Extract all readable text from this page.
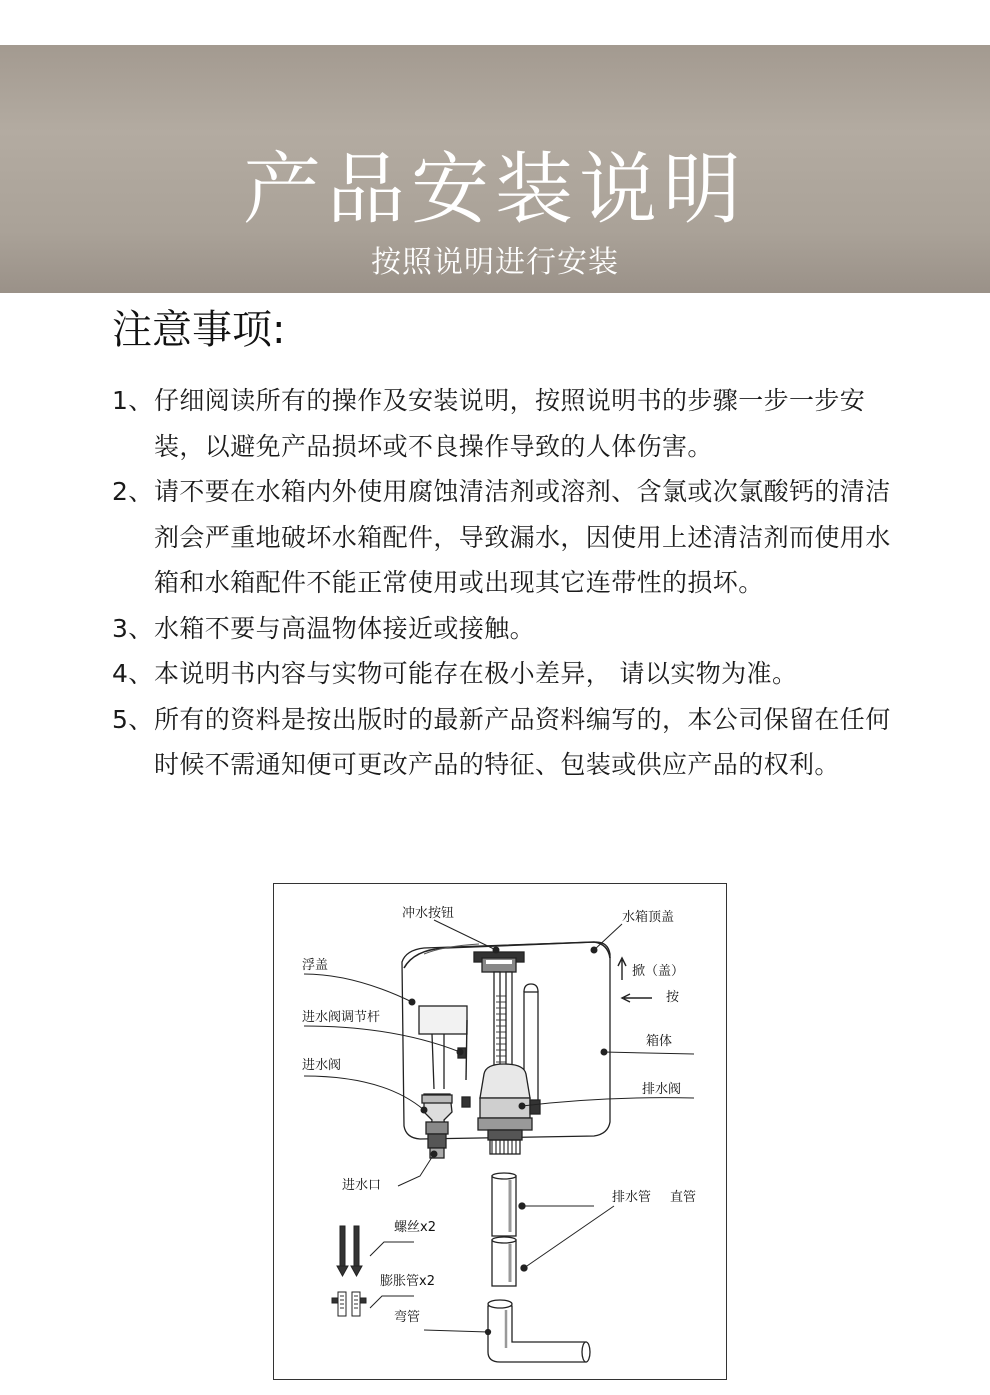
产品安装说明
按照说明进行安装
注意事项:
1、 仔细阅读所有的操作及安装说明，按照说明书的步骤一步一步安装，以避免产品损坏或不良操作导致的人体伤害。
2、 请不要在水箱内外使用腐蚀清洁剂或溶剂、含氯或次氯酸钙的清洁剂会严重地破坏水箱配件，导致漏水，因使用上述清洁剂而使用水箱和水箱配件不能正常使用或出现其它连带性的损坏。
3、 水箱不要与高温物体接近或接触。
4、 本说明书内容与实物可能存在极小差异， 请以实物为准。
5、 所有的资料是按出版时的最新产品资料编写的，本公司保留在任何时候不需通知便可更改产品的特征、包装或供应产品的权利。
冲水按钮	水箱顶盖
浮盖	掀（盖）
按
进水阀调节杆
箱体
进水阀
排水阀
进水口
排水管 直管
螺丝x2
膨胀管x2
弯管
